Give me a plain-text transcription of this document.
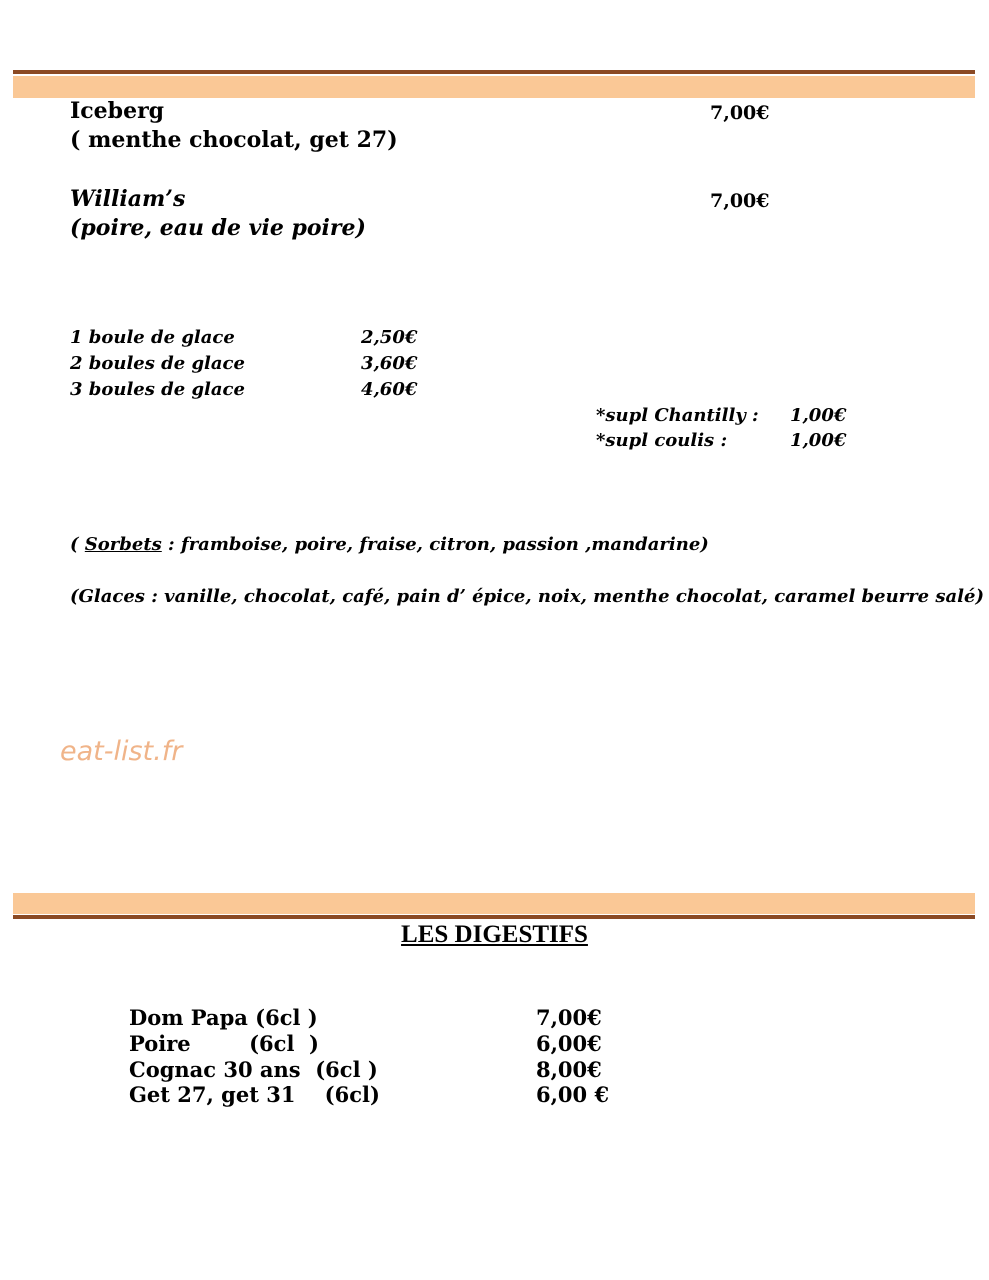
Iceberg
( menthe chocolat, get 27)
7,00€
William’s
(poire, eau de vie poire)
7,00€
1 boule de glace	2,50€
2 boules de glace	3,60€
3 boules de glace	4,60€
*supl Chantilly : 1,00€
*supl coulis :	1,00€
( Sorbets : framboise, poire, fraise, citron, passion ,mandarine)
(Glaces : vanille, chocolat, café, pain d’ épice, noix, menthe chocolat, caramel beurre salé)
eat-list.fr
LES DIGESTIFS
Dom Papa (6cl )	7,00€
Poire        (6cl  )	6,00€
Cognac 30 ans  (6cl )	8,00€
Get 27, get 31    (6cl)	6,00 €
